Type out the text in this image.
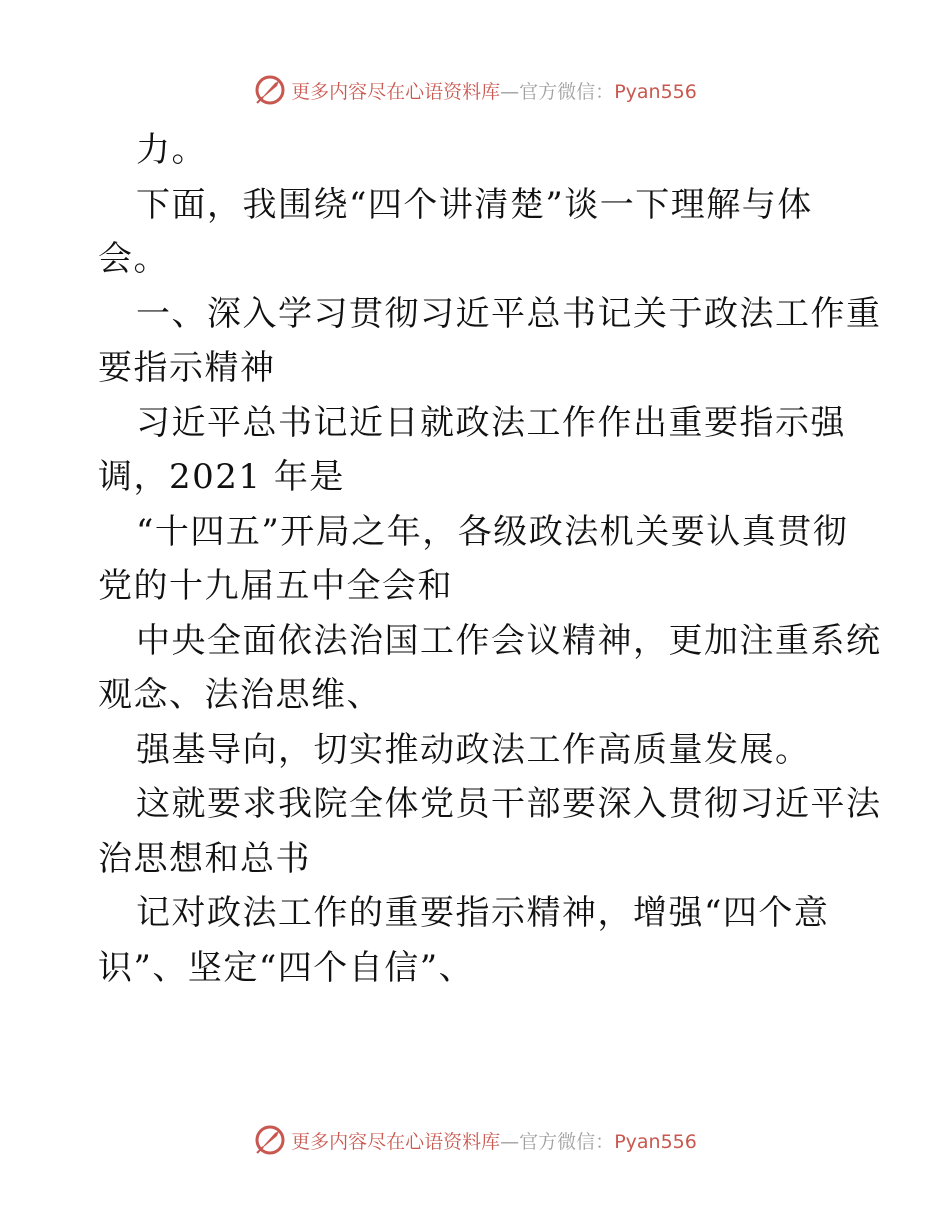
更多内容尽在心语资料库—官方微信：Pyan556
力。
下面，我围绕“四个讲清楚”谈一下理解与体
会。
一、深入学习贯彻习近平总书记关于政法工作重
要指示精神
习近平总书记近日就政法工作作出重要指示强
调，2021 年是
“十四五”开局之年，各级政法机关要认真贯彻
党的十九届五中全会和
中央全面依法治国工作会议精神，更加注重系统
观念、法治思维、
强基导向，切实推动政法工作高质量发展。
这就要求我院全体党员干部要深入贯彻习近平法
治思想和总书
记对政法工作的重要指示精神，增强“四个意
识”、坚定“四个自信”、
更多内容尽在心语资料库—官方微信：Pyan556
